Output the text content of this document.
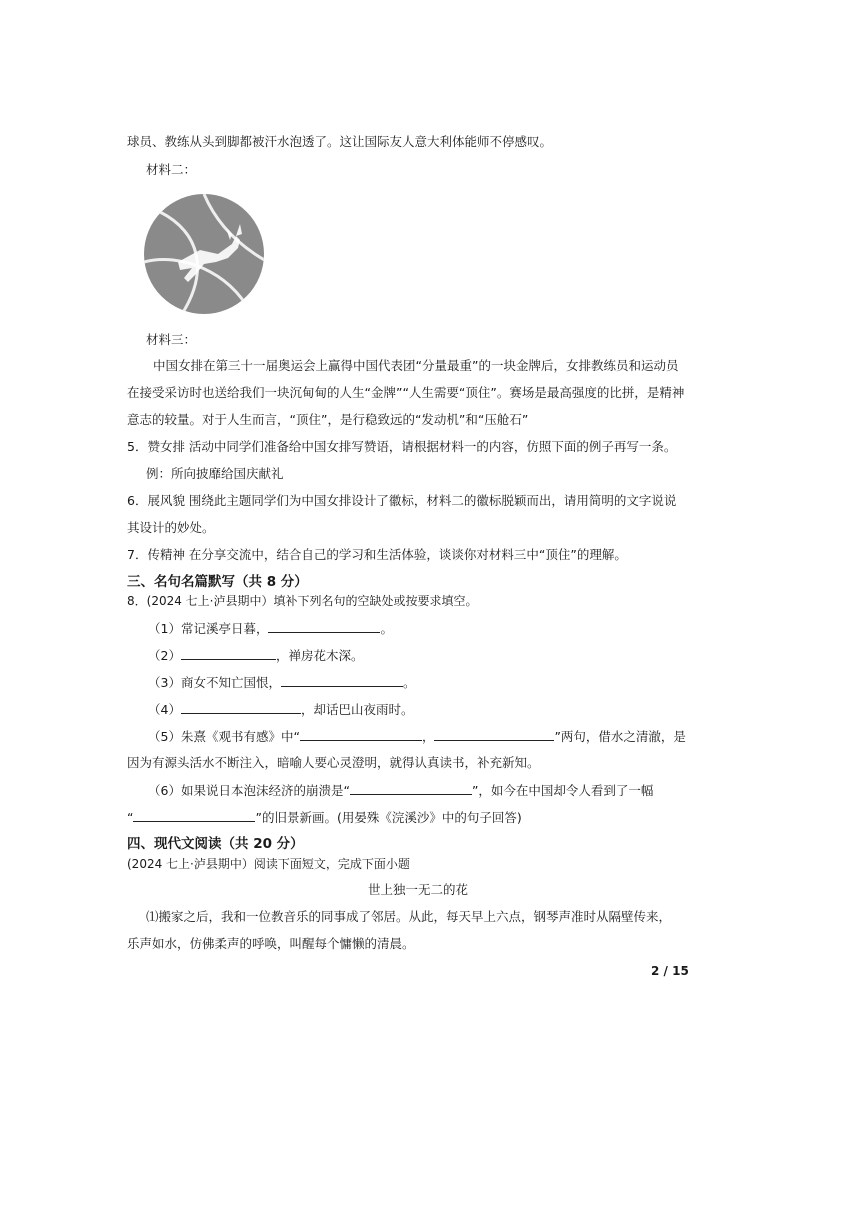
球员、教练从头到脚都被汗水泡透了。这让国际友人意大利体能师不停感叹。
材料二：
材料三：
中国女排在第三十一届奥运会上赢得中国代表团“分量最重”的一块金牌后，女排教练员和运动员
在接受采访时也送给我们一块沉甸甸的人生“金牌”“人生需要“顶住”。赛场是最高强度的比拼，是精神
意志的较量。对于人生而言，“顶住”，是行稳致远的“发动机”和“压舱石”
5．赞女排 活动中同学们准备给中国女排写赞语，请根据材料一的内容，仿照下面的例子再写一条。
例：所向披靡给国庆献礼
6．展风貌 围绕此主题同学们为中国女排设计了徽标，材料二的徽标脱颖而出，请用简明的文字说说
其设计的妙处。
7．传精神 在分享交流中，结合自己的学习和生活体验，谈谈你对材料三中“顶住”的理解。
三、名句名篇默写（共 8 分）
8．(2024 七上·泸县期中）填补下列名句的空缺处或按要求填空。
（1）常记溪亭日暮，	。
（2）	，禅房花木深。
（3）商女不知亡国恨，	。
（4）	，却话巴山夜雨时。
（5）朱熹《观书有感》中“	，	”两句，借水之清澈，是
因为有源头活水不断注入，暗喻人要心灵澄明，就得认真读书，补充新知。
（6）如果说日本泡沫经济的崩溃是“	”，如今在中国却令人看到了一幅
“	”的旧景新画。(用晏殊《浣溪沙》中的句子回答)
四、现代文阅读（共 20 分）
(2024 七上·泸县期中）阅读下面短文，完成下面小题
世上独一无二的花
⑴搬家之后，我和一位教音乐的同事成了邻居。从此，每天早上六点，钢琴声准时从隔壁传来，
乐声如水，仿佛柔声的呼唤，叫醒每个慵懒的清晨。
2 / 15
